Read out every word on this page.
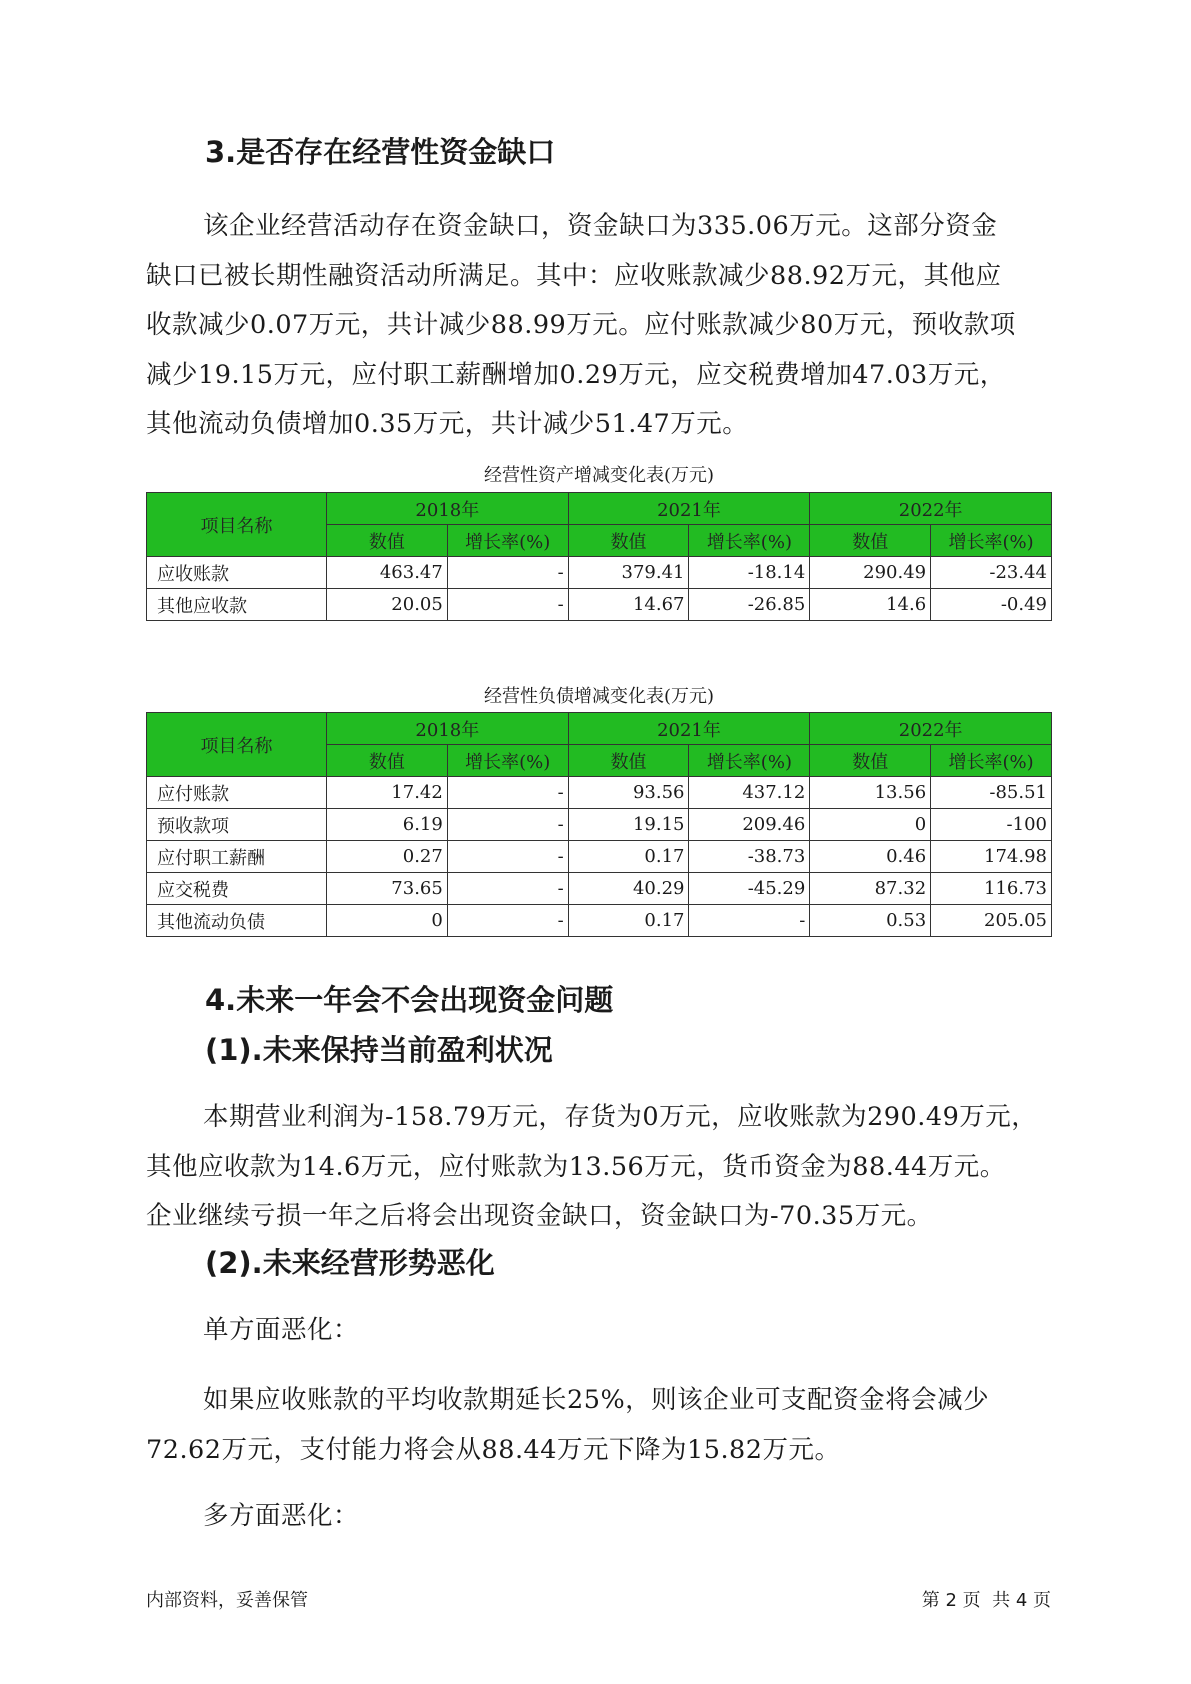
3.是否存在经营性资金缺口
该企业经营活动存在资金缺口，资金缺口为335.06万元。这部分资金
缺口已被长期性融资活动所满足。其中：应收账款减少88.92万元，其他应
收款减少0.07万元，共计减少88.99万元。应付账款减少80万元，预收款项
减少19.15万元，应付职工薪酬增加0.29万元，应交税费增加47.03万元，
其他流动负债增加0.35万元，共计减少51.47万元。

经营性资产增减变化表(万元)

项目名称	2018年		2021年		2022年	
	数值	增长率(%)	数值	增长率(%)	数值	增长率(%)
应收账款	463.47	-	379.41	-18.14	290.49	-23.44
其他应收款	20.05	-	14.67	-26.85	14.6	-0.49

经营性负债增减变化表(万元)

项目名称	2018年		2021年		2022年	
	数值	增长率(%)	数值	增长率(%)	数值	增长率(%)
应付账款	17.42	-	93.56	437.12	13.56	-85.51
预收款项	6.19	-	19.15	209.46	0	-100
应付职工薪酬	0.27	-	0.17	-38.73	0.46	174.98
应交税费	73.65	-	40.29	-45.29	87.32	116.73
其他流动负债	0	-	0.17	-	0.53	205.05
4.未来一年会不会出现资金问题
(1).未来保持当前盈利状况
本期营业利润为-158.79万元，存货为0万元，应收账款为290.49万元，
其他应收款为14.6万元，应付账款为13.56万元，货币资金为88.44万元。
企业继续亏损一年之后将会出现资金缺口，资金缺口为-70.35万元。
(2).未来经营形势恶化
单方面恶化：
如果应收账款的平均收款期延长25%，则该企业可支配资金将会减少
72.62万元，支付能力将会从88.44万元下降为15.82万元。
多方面恶化：

内部资料，妥善保管	第 2 页  共 4 页
